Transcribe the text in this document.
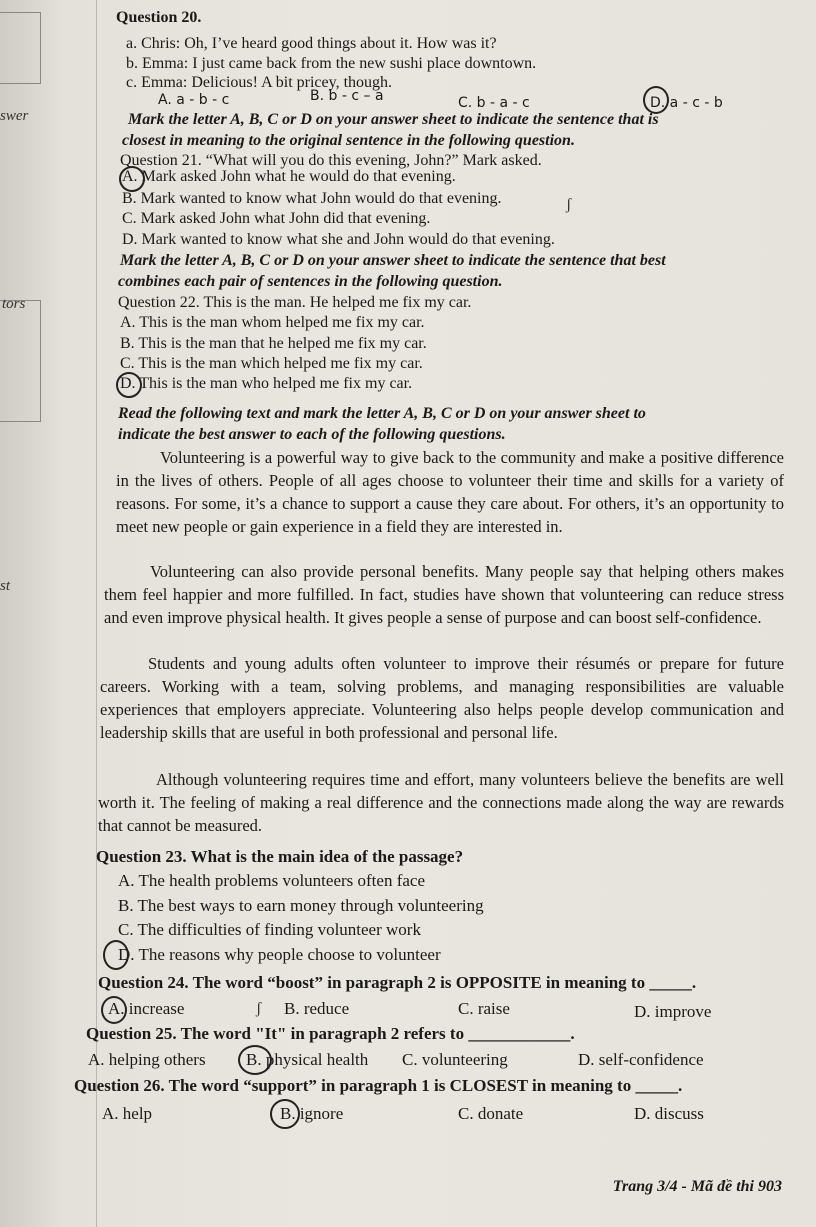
swer
tors
st
Question 20.
a. Chris: Oh, I’ve heard good things about it. How was it?
b. Emma: I just came back from the new sushi place downtown.
c. Emma: Delicious! A bit pricey, though.
A. a - b - c	B. b - c – a	C. b - a - c	D. a - c - b
Mark the letter A, B, C or D on your answer sheet to indicate the sentence that is
closest in meaning to the original sentence in the following question.
Question 21. “What will you do this evening, John?” Mark asked.
A. Mark asked John what he would do that evening.
B. Mark wanted to know what John would do that evening.
C. Mark asked John what John did that evening.
ʃ
D. Mark wanted to know what she and John would do that evening.
Mark the letter A, B, C or D on your answer sheet to indicate the sentence that best
combines each pair of sentences in the following question.
Question 22. This is the man. He helped me fix my car.
A. This is the man whom helped me fix my car.
B. This is the man that he helped me fix my car.
C. This is the man which helped me fix my car.
D. This is the man who helped me fix my car.
Read the following text and mark the letter A, B, C or D on your answer sheet to
indicate the best answer to each of the following questions.
Volunteering is a powerful way to give back to the community and make a positive difference in the lives of others. People of all ages choose to volunteer their time and skills for a variety of reasons. For some, it’s a chance to support a cause they care about. For others, it’s an opportunity to meet new people or gain experience in a field they are interested in.
Volunteering can also provide personal benefits. Many people say that helping others makes them feel happier and more fulfilled. In fact, studies have shown that volunteering can reduce stress and even improve physical health. It gives people a sense of purpose and can boost self-confidence.
Students and young adults often volunteer to improve their résumés or prepare for future careers. Working with a team, solving problems, and managing responsibilities are valuable experiences that employers appreciate. Volunteering also helps people develop communication and leadership skills that are useful in both professional and personal life.
Although volunteering requires time and effort, many volunteers believe the benefits are well worth it. The feeling of making a real difference and the connections made along the way are rewards that cannot be measured.
Question 23. What is the main idea of the passage?
A. The health problems volunteers often face
B. The best ways to earn money through volunteering
C. The difficulties of finding volunteer work
D. The reasons why people choose to volunteer
Question 24. The word “boost” in paragraph 2 is OPPOSITE in meaning to _____.
A. increase	ʃ B. reduce	C. raise	D. improve
Question 25. The word "It" in paragraph 2 refers to ____________.
A. helping others B. physical health C. volunteering	D. self-confidence
Question 26. The word “support” in paragraph 1 is CLOSEST in meaning to _____.
A. help	B. ignore	C. donate	D. discuss
Trang 3/4 - Mã đề thi 903
